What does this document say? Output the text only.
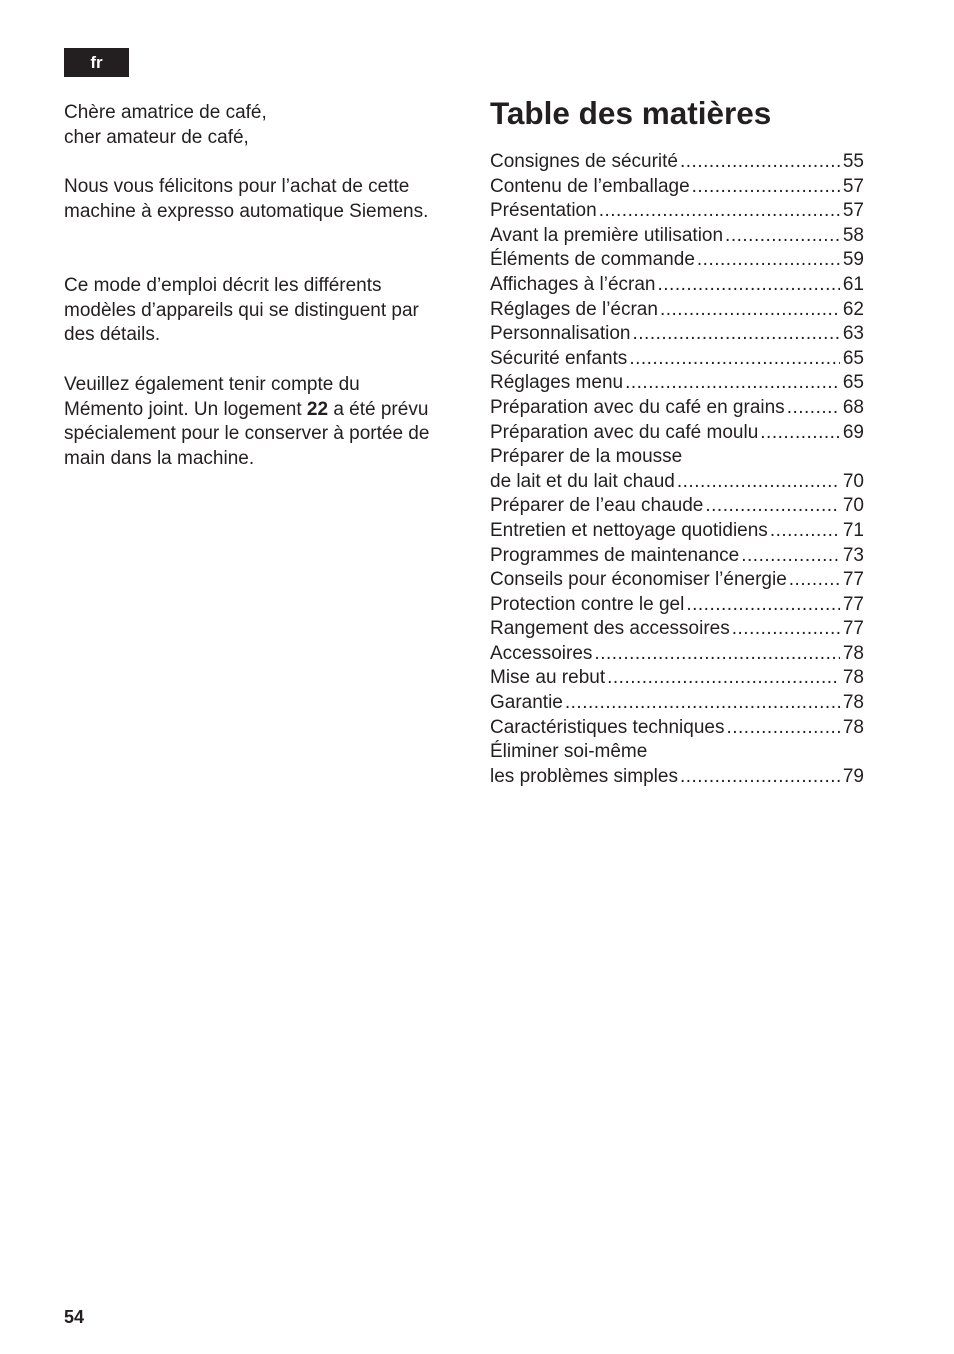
fr

Chère amatrice de café,
cher amateur de café,

Nous vous félicitons pour l’achat de cette
machine à expresso automatique Siemens.

Ce mode d’emploi décrit les différents
modèles d’appareils qui se distinguent par
des détails.

Veuillez également tenir compte du
Mémento joint. Un logement 22 a été prévu
spécialement pour le conserver à portée de
main dans la machine.

Table des matières
Consignes de sécurité .....	55
Contenu de l’emballage .....	57
Présentation .....	57
Avant la première utilisation .....	58
Éléments de commande .....	59
Affichages à l’écran .....	61
Réglages de l’écran .....	62
Personnalisation .....	63
Sécurité enfants .....	65
Réglages menu .....	65
Préparation avec du café en grains .....	68
Préparation avec du café moulu .....	69
Préparer de la mousse
de lait et du lait chaud .....	70
Préparer de l’eau chaude .....	70
Entretien et nettoyage quotidiens .....	71
Programmes de maintenance .....	73
Conseils pour économiser l’énergie .....	77
Protection contre le gel .....	77
Rangement des accessoires .....	77
Accessoires .....	78
Mise au rebut .....	78
Garantie .....	78
Caractéristiques techniques .....	78
Éliminer soi-même
les problèmes simples .....	79
54
